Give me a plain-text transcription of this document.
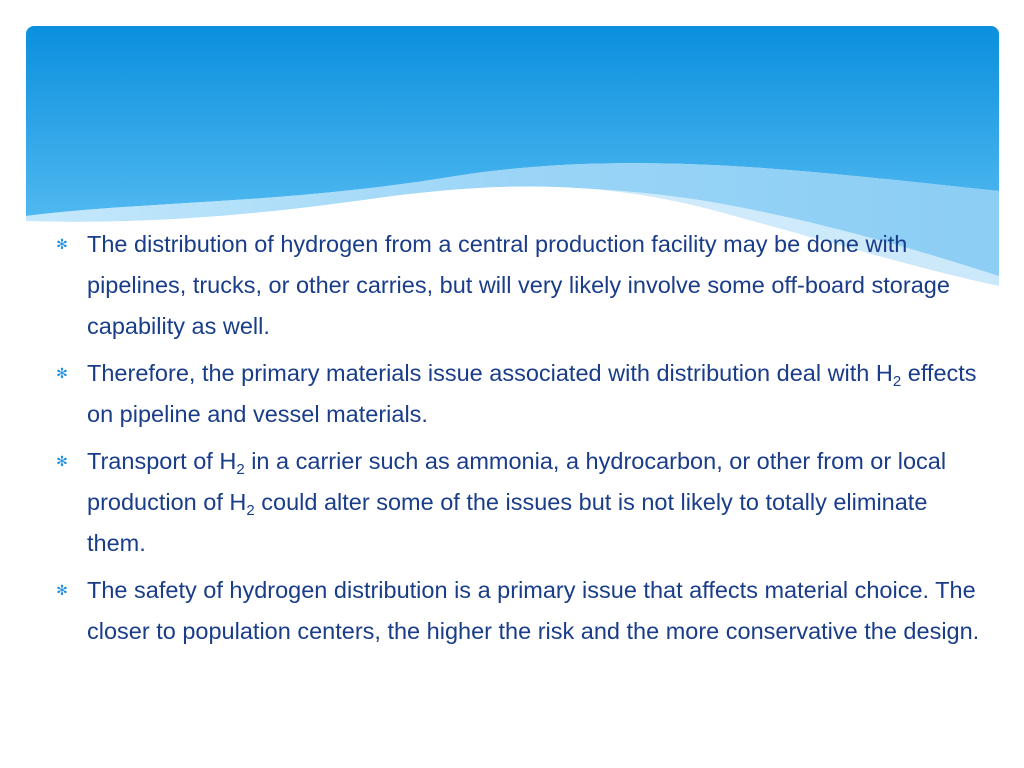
✻ The distribution of hydrogen from a central production facility may be done with pipelines, trucks, or other carries, but will very likely involve some off-board storage capability as well.
✻ Therefore, the primary materials issue associated with distribution deal with $H_2$ effects on pipeline and vessel materials.
✻ Transport of $H_2$ in a carrier such as ammonia, a hydrocarbon, or other from or local production of $H_2$ could alter some of the issues but is not likely to totally eliminate them.
✻ The safety of hydrogen distribution is a primary issue that affects material choice. The closer to population centers, the higher the risk and the more conservative the design.
